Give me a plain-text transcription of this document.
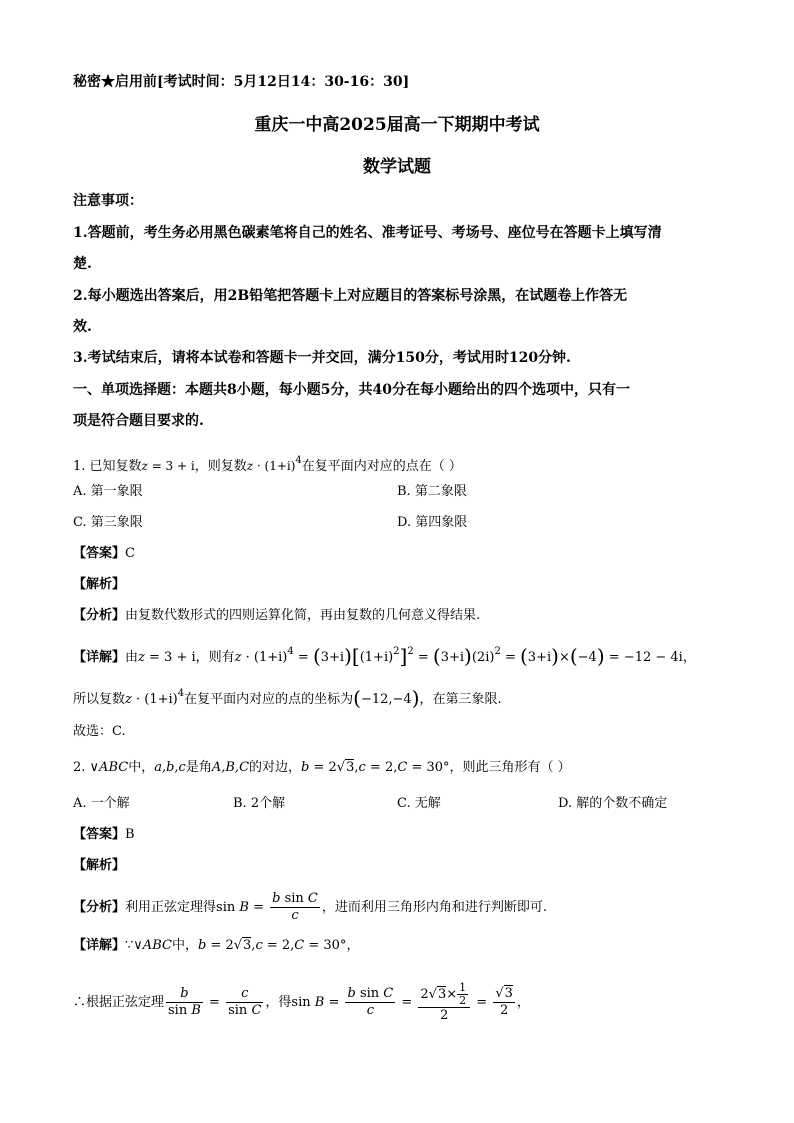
秘密★启用前[考试时间：5月12日14：30-16：30]
重庆一中高2025届高一下期期中考试
数学试题
注意事项：
1.答题前，考生务必用黑色碳素笔将自己的姓名、准考证号、考场号、座位号在答题卡上填写清
楚.
2.每小题选出答案后，用2B铅笔把答题卡上对应题目的答案标号涂黑，在试题卷上作答无
效.
3.考试结束后，请将本试卷和答题卡一并交回，满分150分，考试用时120分钟.
一、单项选择题：本题共8小题，每小题5分，共40分在每小题给出的四个选项中，只有一
项是符合题目要求的.
1. 已知复数z = 3 + i，则复数$z \cdot (1+i)^4$在复平面内对应的点在（ ）
A. 第一象限	B. 第二象限
C. 第三象限	D. 第四象限
【答案】C
【解析】
【分析】由复数代数形式的四则运算化简，再由复数的几何意义得结果.
【详解】由z = 3 + i，则有$z \cdot (1+i)^4 = (3+i)[(1+i)^2]^2 = (3+i)(2i)^2 = (3+i)\times(-4) = -12 - 4i$，
所以复数$z \cdot (1+i)^4$在复平面内对应的点的坐标为(−12,−4)，在第三象限.
故选：C.
2. ∨ABC中，a,b,c是角A,B,C的对边，b = 2√3,c = 2,C = 30°，则此三角形有（ ）
A. 一个解	B. 2个解	C. 无解	D. 解的个数不确定
【答案】B
【解析】
【分析】利用正弦定理得$\sin B = \frac{\text{b sin C}}{c}$ ，进而利用三角形内角和进行判断即可.
【详解】∵∨ABC中，b = 2√3,c = 2,C = 30°，
∴根据正弦定理 $\frac{b}{\text{sin B}} = \frac{c}{\text{sin C}}$ ，得$\sin B = \frac{\text{b sin C}}{c} = \frac{2√3\times \frac{1}{2}}{2} = \frac{√3}{2}$ ，
